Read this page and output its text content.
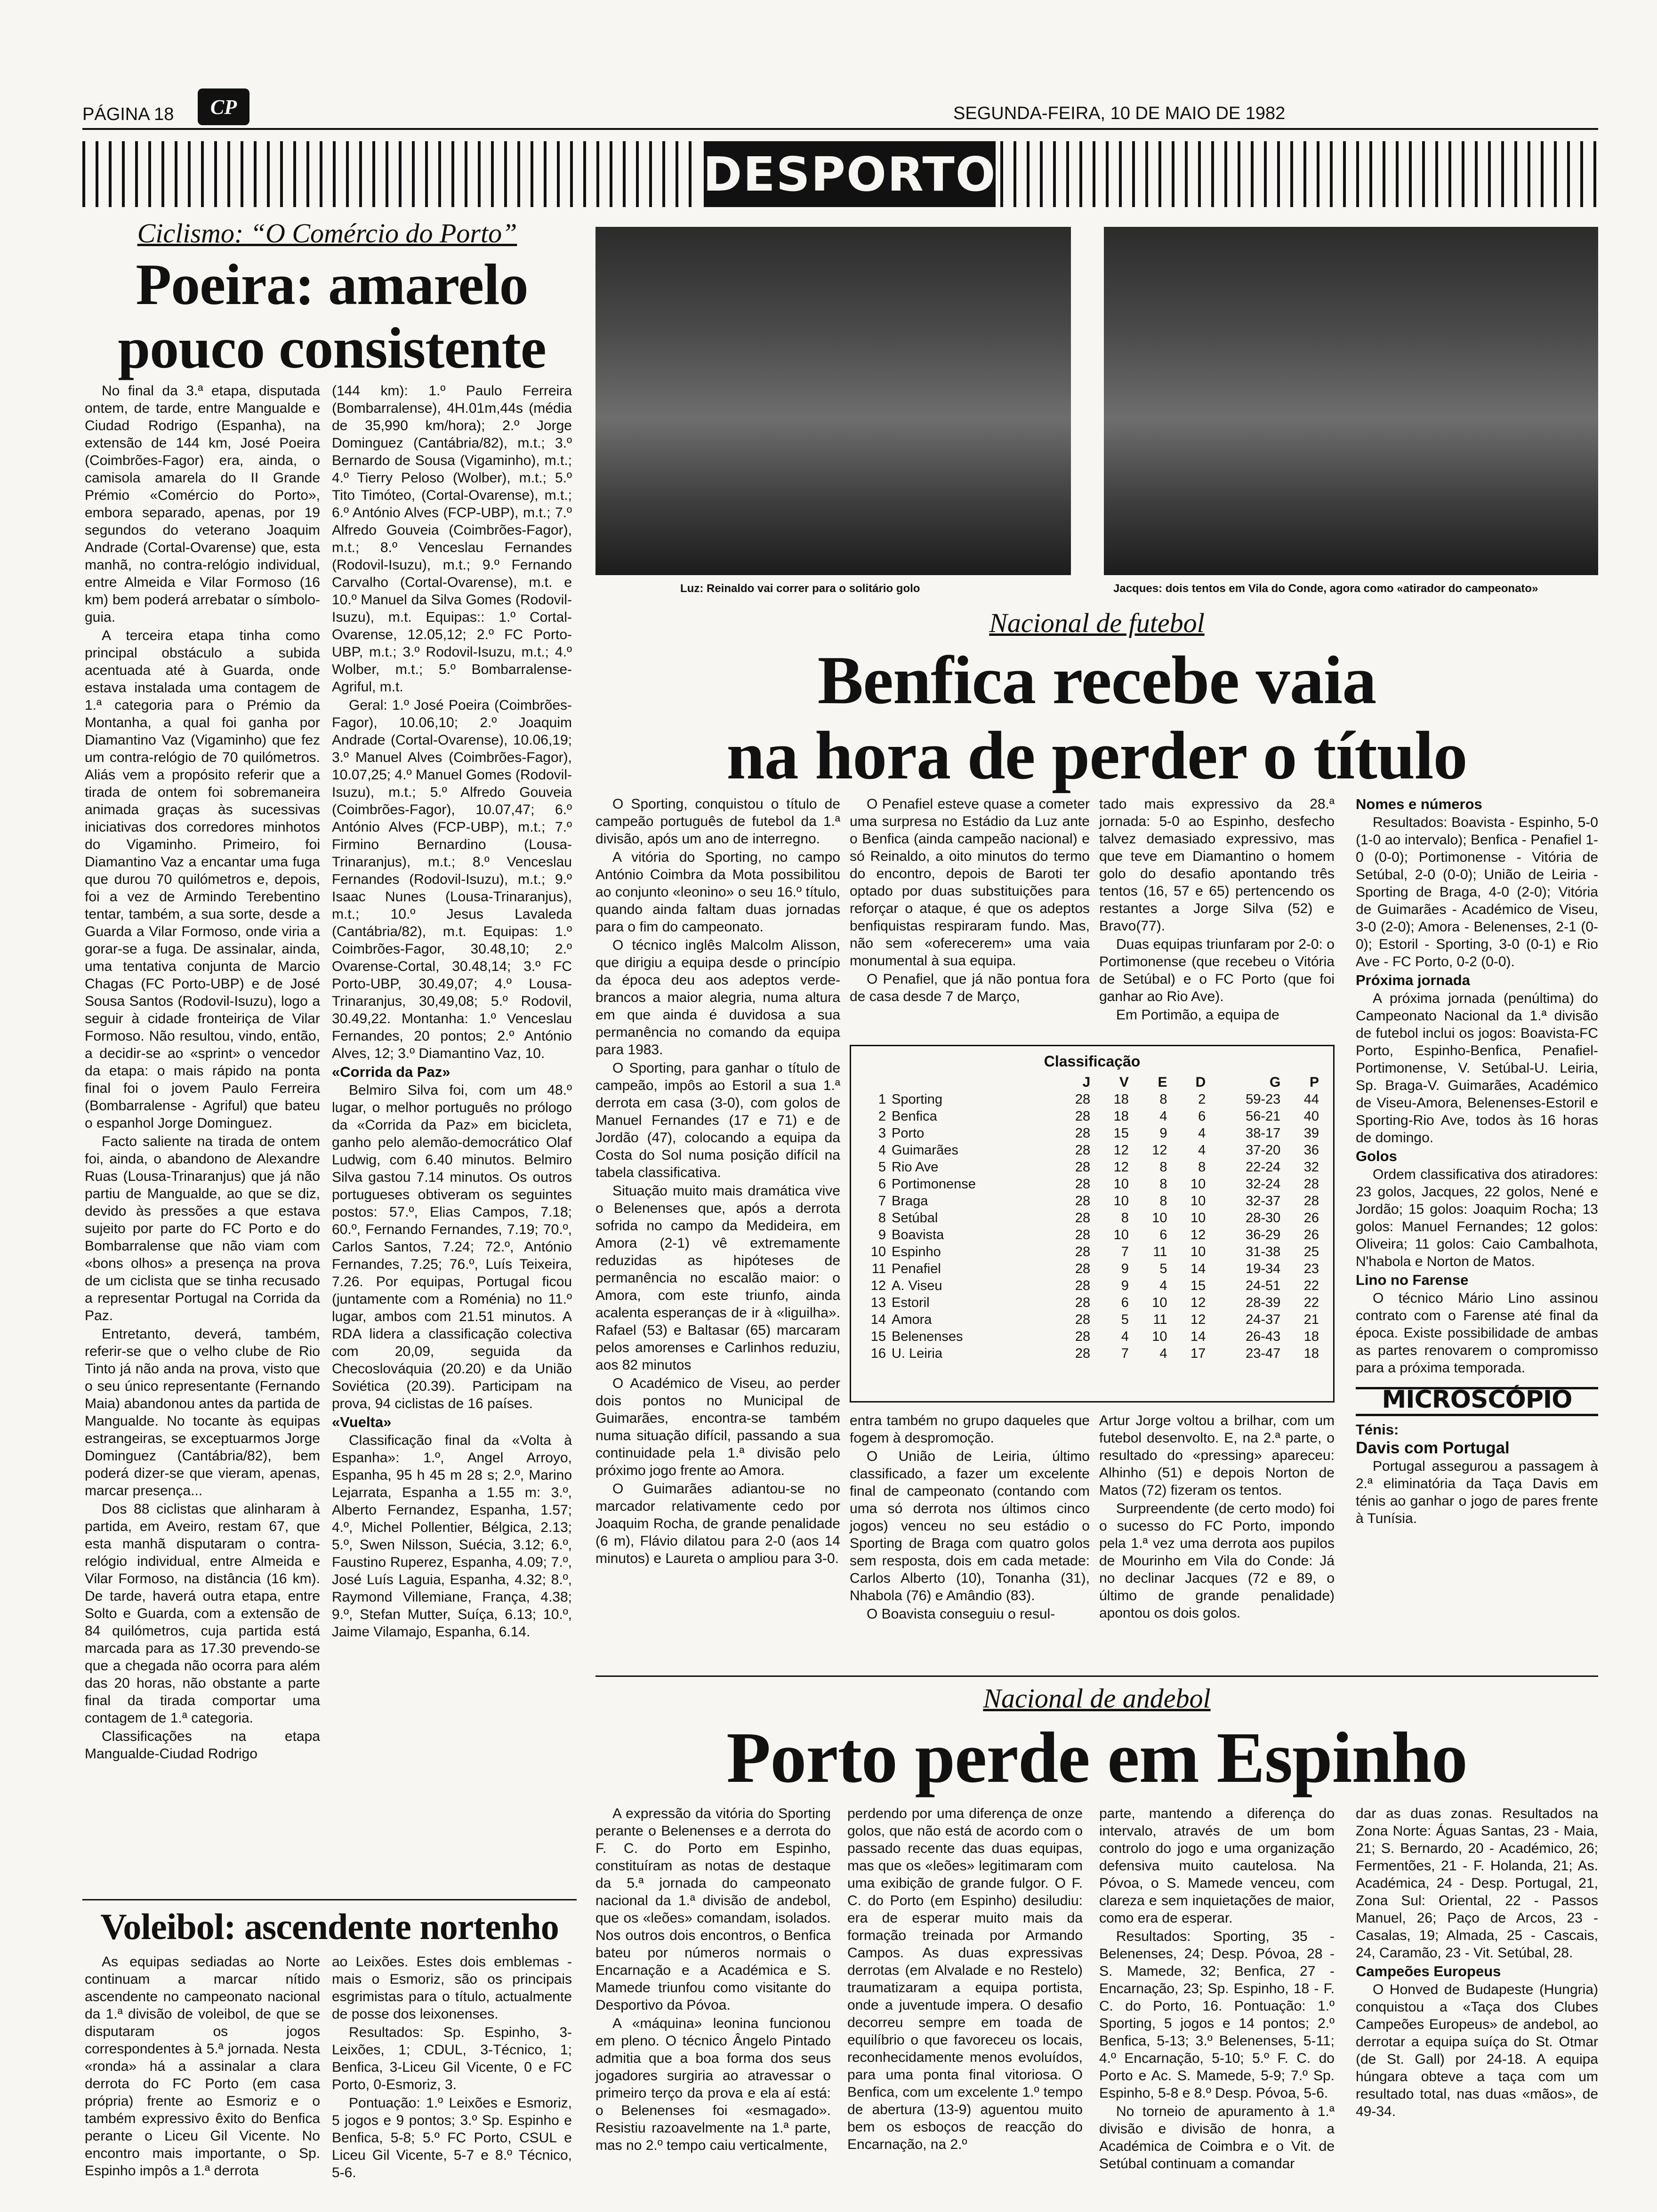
PÁGINA 18 CP	SEGUNDA-FEIRA, 10 DE MAIO DE 1982
DESPORTO
Ciclismo: “O Comércio do Porto”
Poeira: amarelo
pouco consistente

No final da 3.ª etapa, disputada ontem, de tarde, entre Mangualde e Ciudad Rodrigo (Espanha), na extensão de 144 km, José Poeira (Coimbrões-Fagor) era, ainda, o camisola amarela do II Grande Prémio «Comércio do Porto», embora separado, apenas, por 19 segundos do veterano Joaquim Andrade (Cortal-Ovarense) que, esta manhã, no contra-relógio individual, entre Almeida e Vilar Formoso (16 km) bem poderá arrebatar o símbolo-guia.

A terceira etapa tinha como principal obstáculo a subida acentuada até à Guarda, onde estava instalada uma contagem de 1.ª categoria para o Prémio da Montanha, a qual foi ganha por Diamantino Vaz (Vigaminho) que fez um contra-relógio de 70 quilómetros. Aliás vem a propósito referir que a tirada de ontem foi sobremaneira animada graças às sucessivas iniciativas dos corredores minhotos do Vigaminho. Primeiro, foi Diamantino Vaz a encantar uma fuga que durou 70 quilómetros e, depois, foi a vez de Armindo Terebentino tentar, também, a sua sorte, desde a Guarda a Vilar Formoso, onde viria a gorar-se a fuga. De assinalar, ainda, uma tentativa conjunta de Marcio Chagas (FC Porto-UBP) e de José Sousa Santos (Rodovil-Isuzu), logo a seguir à cidade fronteiriça de Vilar Formoso. Não resultou, vindo, então, a decidir-se ao «sprint» o vencedor da etapa: o mais rápido na ponta final foi o jovem Paulo Ferreira (Bombarralense - Agriful) que bateu o espanhol Jorge Dominguez.

Facto saliente na tirada de ontem foi, ainda, o abandono de Alexandre Ruas (Lousa-Trinaranjus) que já não partiu de Mangualde, ao que se diz, devido às pressões a que estava sujeito por parte do FC Porto e do Bombarralense que não viam com «bons olhos» a presença na prova de um ciclista que se tinha recusado a representar Portugal na Corrida da Paz.

Entretanto, deverá, também, referir-se que o velho clube de Rio Tinto já não anda na prova, visto que o seu único representante (Fernando Maia) abandonou antes da partida de Mangualde. No tocante às equipas estrangeiras, se exceptuarmos Jorge Dominguez (Cantábria/82), bem poderá dizer-se que vieram, apenas, marcar presença...

Dos 88 ciclistas que alinharam à partida, em Aveiro, restam 67, que esta manhã disputaram o contra-relógio individual, entre Almeida e Vilar Formoso, na distância (16 km). De tarde, haverá outra etapa, entre Solto e Guarda, com a extensão de 84 quilómetros, cuja partida está marcada para as 17.30 prevendo-se que a chegada não ocorra para além das 20 horas, não obstante a parte final da tirada comportar uma contagem de 1.ª categoria.

Classificações na etapa Mangualde-Ciudad Rodrigo

(144 km): 1.º Paulo Ferreira (Bombarralense), 4H.01m,44s (média de 35,990 km/hora); 2.º Jorge Dominguez (Cantábria/82), m.t.; 3.º Bernardo de Sousa (Vigaminho), m.t.; 4.º Tierry Peloso (Wolber), m.t.; 5.º Tito Timóteo, (Cortal-Ovarense), m.t.; 6.º António Alves (FCP-UBP), m.t.; 7.º Alfredo Gouveia (Coimbrões-Fagor), m.t.; 8.º Venceslau Fernandes (Rodovil-Isuzu), m.t.; 9.º Fernando Carvalho (Cortal-Ovarense), m.t. e 10.º Manuel da Silva Gomes (Rodovil-Isuzu), m.t. Equipas:: 1.º Cortal-Ovarense, 12.05,12; 2.º FC Porto-UBP, m.t.; 3.º Rodovil-Isuzu, m.t.; 4.º Wolber, m.t.; 5.º Bombarralense-Agriful, m.t.

Geral: 1.º José Poeira (Coimbrões-Fagor), 10.06,10; 2.º Joaquim Andrade (Cortal-Ovarense), 10.06,19; 3.º Manuel Alves (Coimbrões-Fagor), 10.07,25; 4.º Manuel Gomes (Rodovil-Isuzu), m.t.; 5.º Alfredo Gouveia (Coimbrões-Fagor), 10.07,47; 6.º António Alves (FCP-UBP), m.t.; 7.º Firmino Bernardino (Lousa-Trinaranjus), m.t.; 8.º Venceslau Fernandes (Rodovil-Isuzu), m.t.; 9.º Isaac Nunes (Lousa-Trinaranjus), m.t.; 10.º Jesus Lavaleda (Cantábria/82), m.t. Equipas: 1.º Coimbrões-Fagor, 30.48,10; 2.º Ovarense-Cortal, 30.48,14; 3.º FC Porto-UBP, 30.49,07; 4.º Lousa-Trinaranjus, 30,49,08; 5.º Rodovil, 30.49,22. Montanha: 1.º Venceslau Fernandes, 20 pontos; 2.º António Alves, 12; 3.º Diamantino Vaz, 10.

«Corrida da Paz»

Belmiro Silva foi, com um 48.º lugar, o melhor português no prólogo da «Corrida da Paz» em bicicleta, ganho pelo alemão-democrático Olaf Ludwig, com 6.40 minutos. Belmiro Silva gastou 7.14 minutos. Os outros portugueses obtiveram os seguintes postos: 57.º, Elias Campos, 7.18; 60.º, Fernando Fernandes, 7.19; 70.º, Carlos Santos, 7.24; 72.º, António Fernandes, 7.25; 76.º, Luís Teixeira, 7.26. Por equipas, Portugal ficou (juntamente com a Roménia) no 11.º lugar, ambos com 21.51 minutos. A RDA lidera a classificação colectiva com 20,09, seguida da Checoslováquia (20.20) e da União Soviética (20.39). Participam na prova, 94 ciclistas de 16 países.

«Vuelta»

Classificação final da «Volta à Espanha»: 1.º, Angel Arroyo, Espanha, 95 h 45 m 28 s; 2.º, Marino Lejarrata, Espanha a 1.55 m: 3.º, Alberto Fernandez, Espanha, 1.57; 4.º, Michel Pollentier, Bélgica, 2.13; 5.º, Swen Nilsson, Suécia, 3.12; 6.º, Faustino Ruperez, Espanha, 4.09; 7.º, José Luís Laguia, Espanha, 4.32; 8.º, Raymond Villemiane, França, 4.38; 9.º, Stefan Mutter, Suíça, 6.13; 10.º, Jaime Vilamajo, Espanha, 6.14.

Luz: Reinaldo vai correr para o solitário golo	Jacques: dois tentos em Vila do Conde, agora como «atirador do campeonato»
Nacional de futebol
Benfica recebe vaia
na hora de perder o título

O Sporting, conquistou o título de campeão português de futebol da 1.ª divisão, após um ano de interregno.

A vitória do Sporting, no campo António Coimbra da Mota possibilitou ao conjunto «leonino» o seu 16.º título, quando ainda faltam duas jornadas para o fim do campeonato.

O técnico inglês Malcolm Alisson, que dirigiu a equipa desde o princípio da época deu aos adeptos verde-brancos a maior alegria, numa altura em que ainda é duvidosa a sua permanência no comando da equipa para 1983.

O Sporting, para ganhar o título de campeão, impôs ao Estoril a sua 1.ª derrota em casa (3-0), com golos de Manuel Fernandes (17 e 71) e de Jordão (47), colocando a equipa da Costa do Sol numa posição difícil na tabela classificativa.

Situação muito mais dramática vive o Belenenses que, após a derrota sofrida no campo da Medideira, em Amora (2-1) vê extremamente reduzidas as hipóteses de permanência no escalão maior: o Amora, com este triunfo, ainda acalenta esperanças de ir à «liguilha». Rafael (53) e Baltasar (65) marcaram pelos amorenses e Carlinhos reduziu, aos 82 minutos

O Académico de Viseu, ao perder dois pontos no Municipal de Guimarães, encontra-se também numa situação difícil, passando a sua continuidade pela 1.ª divisão pelo próximo jogo frente ao Amora.

O Guimarães adiantou-se no marcador relativamente cedo por Joaquim Rocha, de grande penalidade (6 m), Flávio dilatou para 2-0 (aos 14 minutos) e Laureta o ampliou para 3-0.

O Penafiel esteve quase a cometer uma surpresa no Estádio da Luz ante o Benfica (ainda campeão nacional) e só Reinaldo, a oito minutos do termo do encontro, depois de Baroti ter optado por duas substituições para reforçar o ataque, é que os adeptos benfiquistas respiraram fundo. Mas, não sem «oferecerem» uma vaia monumental à sua equipa.

O Penafiel, que já não pontua fora de casa desde 7 de Março,

tado mais expressivo da 28.ª jornada: 5-0 ao Espinho, desfecho talvez demasiado expressivo, mas que teve em Diamantino o homem golo do desafio apontando três tentos (16, 57 e 65) pertencendo os restantes a Jorge Silva (52) e Bravo(77).

Duas equipas triunfaram por 2-0: o Portimonense (que recebeu o Vitória de Setúbal) e o FC Porto (que foi ganhar ao Rio Ave).

Em Portimão, a equipa de

Classificação
		J	V	E	D	G	P
1	Sporting	28	18	8	2	59-23	44
2	Benfica	28	18	4	6	56-21	40
3	Porto	28	15	9	4	38-17	39
4	Guimarães	28	12	12	4	37-20	36
5	Rio Ave	28	12	8	8	22-24	32
6	Portimonense	28	10	8	10	32-24	28
7	Braga	28	10	8	10	32-37	28
8	Setúbal	28	8	10	10	28-30	26
9	Boavista	28	10	6	12	36-29	26
10	Espinho	28	7	11	10	31-38	25
11	Penafiel	28	9	5	14	19-34	23
12	A. Viseu	28	9	4	15	24-51	22
13	Estoril	28	6	10	12	28-39	22
14	Amora	28	5	11	12	24-37	21
15	Belenenses	28	4	10	14	26-43	18
16	U. Leiria	28	7	4	17	23-47	18

entra também no grupo daqueles que fogem à despromoção.

O União de Leiria, último classificado, a fazer um excelente final de campeonato (contando com uma só derrota nos últimos cinco jogos) venceu no seu estádio o Sporting de Braga com quatro golos sem resposta, dois em cada metade: Carlos Alberto (10), Tonanha (31), Nhabola (76) e Amândio (83).

O Boavista conseguiu o resul-

Artur Jorge voltou a brilhar, com um futebol desenvolto. E, na 2.ª parte, o resultado do «pressing» apareceu: Alhinho (51) e depois Norton de Matos (72) fizeram os tentos.

Surpreendente (de certo modo) foi o sucesso do FC Porto, impondo pela 1.ª vez uma derrota aos pupilos de Mourinho em Vila do Conde: Já no declinar Jacques (72 e 89, o último de grande penalidade) apontou os dois golos.

Nomes e números

Resultados: Boavista - Espinho, 5-0 (1-0 ao intervalo); Benfica - Penafiel 1-0 (0-0); Portimonense - Vitória de Setúbal, 2-0 (0-0); União de Leiria - Sporting de Braga, 4-0 (2-0); Vitória de Guimarães - Académico de Viseu, 3-0 (2-0); Amora - Belenenses, 2-1 (0-0); Estoril - Sporting, 3-0 (0-1) e Rio Ave - FC Porto, 0-2 (0-0).

Próxima jornada

A próxima jornada (penúltima) do Campeonato Nacional da 1.ª divisão de futebol inclui os jogos: Boavista-FC Porto, Espinho-Benfica, Penafiel-Portimonense, V. Setúbal-U. Leiria, Sp. Braga-V. Guimarães, Académico de Viseu-Amora, Belenenses-Estoril e Sporting-Rio Ave, todos às 16 horas de domingo.

Golos

Ordem classificativa dos atiradores: 23 golos, Jacques, 22 golos, Nené e Jordão; 15 golos: Joaquim Rocha; 13 golos: Manuel Fernandes; 12 golos: Oliveira; 11 golos: Caio Cambalhota, N'habola e Norton de Matos.

Lino no Farense

O técnico Mário Lino assinou contrato com o Farense até final da época. Existe possibilidade de ambas as partes renovarem o compromisso para a próxima temporada.

MICROSCÓPIO

Ténis:

Davis com Portugal

Portugal assegurou a passagem à 2.ª eliminatória da Taça Davis em ténis ao ganhar o jogo de pares frente à Tunísia.

Nacional de andebol
Porto perde em Espinho

A expressão da vitória do Sporting perante o Belenenses e a derrota do F. C. do Porto em Espinho, constituíram as notas de destaque da 5.ª jornada do campeonato nacional da 1.ª divisão de andebol, que os «leões» comandam, isolados. Nos outros dois encontros, o Benfica bateu por números normais o Encarnação e a Académica e S. Mamede triunfou como visitante do Desportivo da Póvoa.

A «máquina» leonina funcionou em pleno. O técnico Ângelo Pintado admitia que a boa forma dos seus jogadores surgiria ao atravessar o primeiro terço da prova e ela aí está: o Belenenses foi «esmagado». Resistiu razoavelmente na 1.ª parte, mas no 2.º tempo caiu verticalmente,

perdendo por uma diferença de onze golos, que não está de acordo com o passado recente das duas equipas, mas que os «leões» legitimaram com uma exibição de grande fulgor. O F. C. do Porto (em Espinho) desiludiu: era de esperar muito mais da formação treinada por Armando Campos. As duas expressivas derrotas (em Alvalade e no Restelo) traumatizaram a equipa portista, onde a juventude impera. O desafio decorreu sempre em toada de equilíbrio o que favoreceu os locais, reconhecidamente menos evoluídos, para uma ponta final vitoriosa. O Benfica, com um excelente 1.º tempo de abertura (13-9) aguentou muito bem os esboços de reacção do Encarnação, na 2.º

parte, mantendo a diferença do intervalo, através de um bom controlo do jogo e uma organização defensiva muito cautelosa. Na Póvoa, o S. Mamede venceu, com clareza e sem inquietações de maior, como era de esperar.

Resultados: Sporting, 35 - Belenenses, 24; Desp. Póvoa, 28 - S. Mamede, 32; Benfica, 27 - Encarnação, 23; Sp. Espinho, 18 - F. C. do Porto, 16. Pontuação: 1.º Sporting, 5 jogos e 14 pontos; 2.º Benfica, 5-13; 3.º Belenenses, 5-11; 4.º Encarnação, 5-10; 5.º F. C. do Porto e Ac. S. Mamede, 5-9; 7.º Sp. Espinho, 5-8 e 8.º Desp. Póvoa, 5-6.

No torneio de apuramento à 1.ª divisão e divisão de honra, a Académica de Coimbra e o Vit. de Setúbal continuam a comandar

dar as duas zonas. Resultados na Zona Norte: Águas Santas, 23 - Maia, 21; S. Bernardo, 20 - Académico, 26; Fermentões, 21 - F. Holanda, 21; As. Académica, 24 - Desp. Portugal, 21, Zona Sul: Oriental, 22 - Passos Manuel, 26; Paço de Arcos, 23 - Casalas, 19; Almada, 25 - Cascais, 24, Caramão, 23 - Vit. Setúbal, 28.

Campeões Europeus

O Honved de Budapeste (Hungria) conquistou a «Taça dos Clubes Campeões Europeus» de andebol, ao derrotar a equipa suíça do St. Otmar (de St. Gall) por 24-18. A equipa húngara obteve a taça com um resultado total, nas duas «mãos», de 49-34.

Voleibol: ascendente nortenho

As equipas sediadas ao Norte continuam a marcar nítido ascendente no campeonato nacional da 1.ª divisão de voleibol, de que se disputaram os jogos correspondentes à 5.ª jornada. Nesta «ronda» há a assinalar a clara derrota do FC Porto (em casa própria) frente ao Esmoriz e o também expressivo êxito do Benfica perante o Liceu Gil Vicente. No encontro mais importante, o Sp. Espinho impôs a 1.ª derrota

ao Leixões. Estes dois emblemas - mais o Esmoriz, são os principais esgrimistas para o título, actualmente de posse dos leixonenses.

Resultados: Sp. Espinho, 3-Leixões, 1; CDUL, 3-Técnico, 1; Benfica, 3-Liceu Gil Vicente, 0 e FC Porto, 0-Esmoriz, 3.

Pontuação: 1.º Leixões e Esmoriz, 5 jogos e 9 pontos; 3.º Sp. Espinho e Benfica, 5-8; 5.º FC Porto, CSUL e Liceu Gil Vicente, 5-7 e 8.º Técnico, 5-6.
